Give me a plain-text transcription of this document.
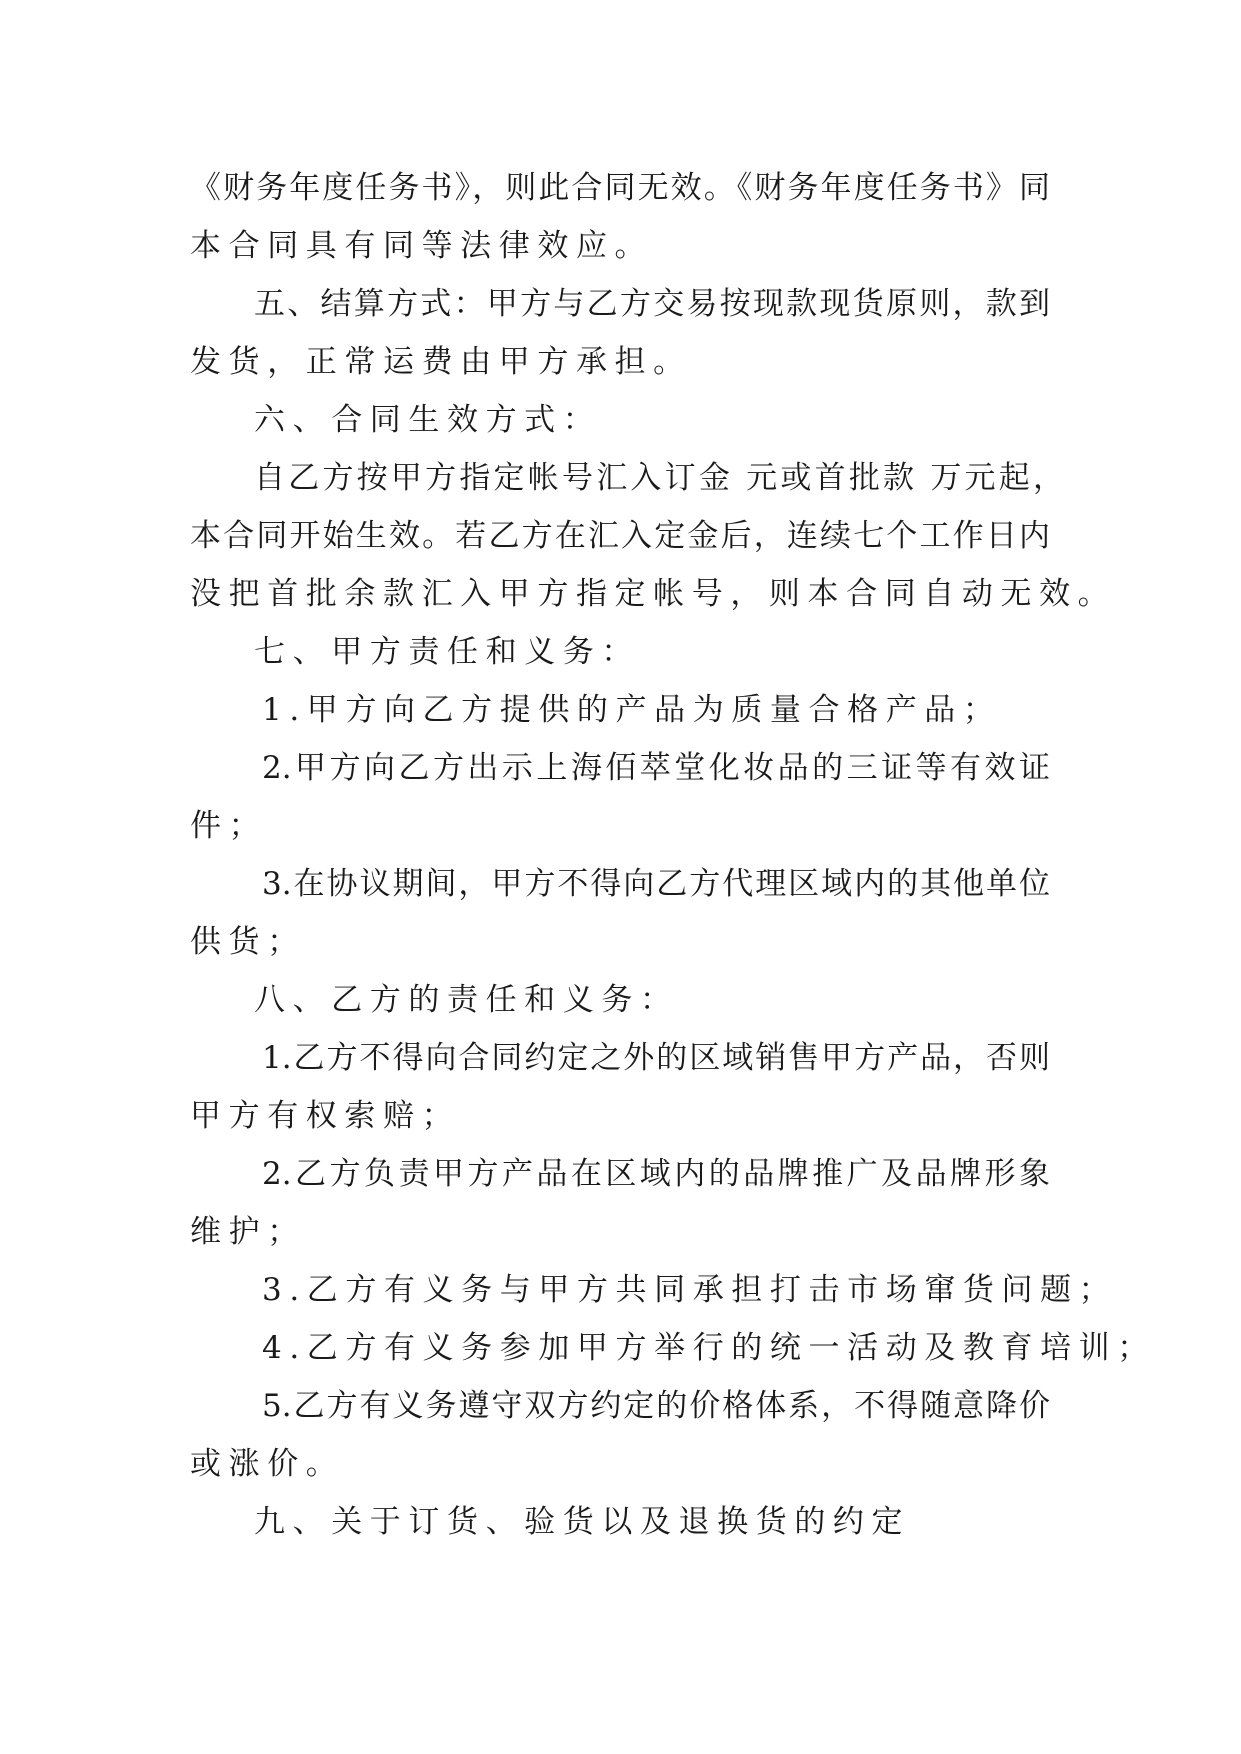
《财务年度任务书》，则此合同无效。《财务年度任务书》同
本合同具有同等法律效应。
五、结算方式：甲方与乙方交易按现款现货原则，款到
发货，正常运费由甲方承担。
六、合同生效方式：
自乙方按甲方指定帐号汇入订金 元或首批款 万元起，
本合同开始生效。若乙方在汇入定金后，连续七个工作日内
没把首批余款汇入甲方指定帐号，则本合同自动无效。
七、甲方责任和义务：
1.甲方向乙方提供的产品为质量合格产品；
2.甲方向乙方出示上海佰萃堂化妆品的三证等有效证
件；
3.在协议期间，甲方不得向乙方代理区域内的其他单位
供货；
八、乙方的责任和义务：
1.乙方不得向合同约定之外的区域销售甲方产品，否则
甲方有权索赔；
2.乙方负责甲方产品在区域内的品牌推广及品牌形象
维护；
3.乙方有义务与甲方共同承担打击市场窜货问题；
4.乙方有义务参加甲方举行的统一活动及教育培训；
5.乙方有义务遵守双方约定的价格体系，不得随意降价
或涨价。
九、关于订货、验货以及退换货的约定
